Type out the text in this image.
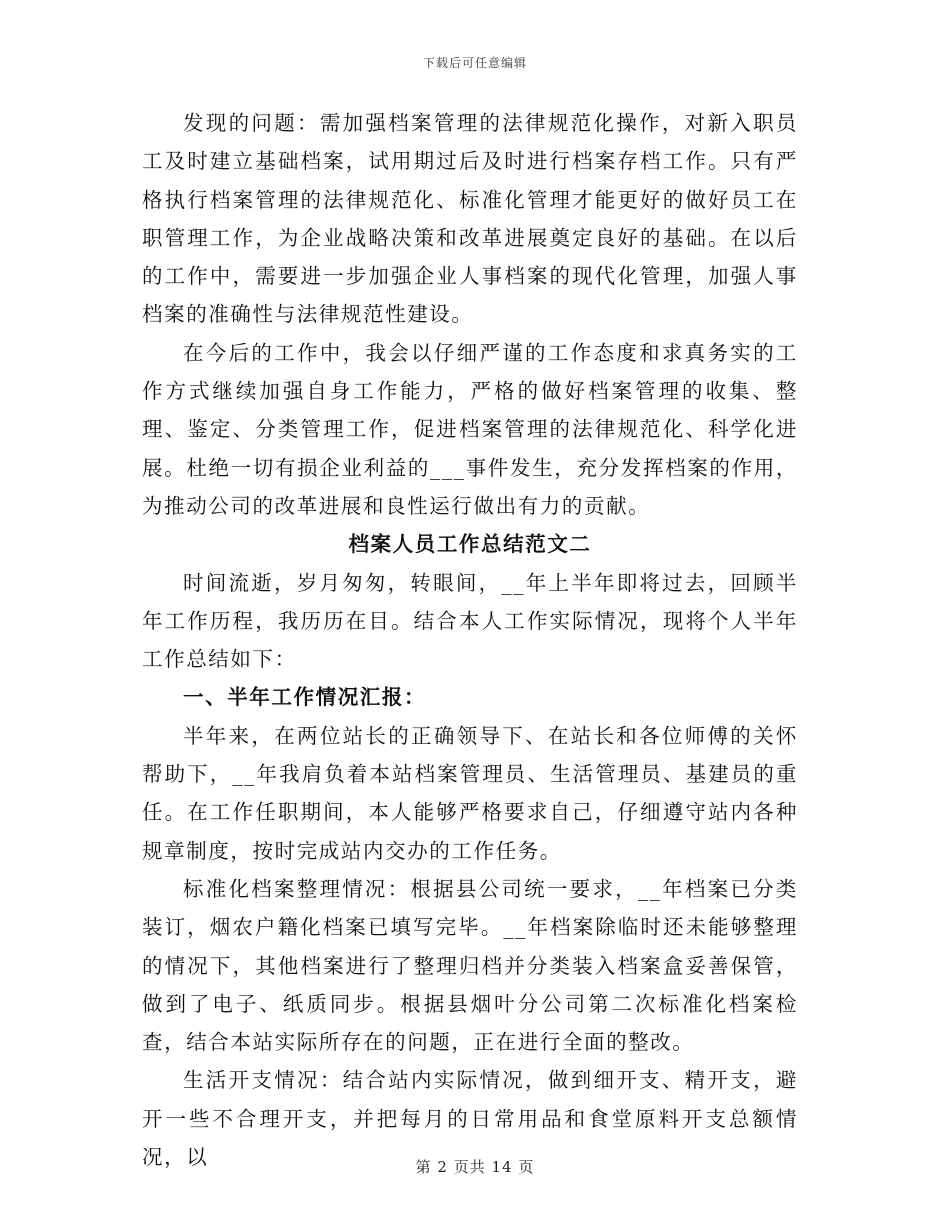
下载后可任意编辑

发现的问题：需加强档案管理的法律规范化操作，对新入职员工及时建立基础档案，试用期过后及时进行档案存档工作。只有严格执行档案管理的法律规范化、标准化管理才能更好的做好员工在职管理工作，为企业战略决策和改革进展奠定良好的基础。在以后的工作中，需要进一步加强企业人事档案的现代化管理，加强人事档案的准确性与法律规范性建设。

在今后的工作中，我会以仔细严谨的工作态度和求真务实的工作方式继续加强自身工作能力，严格的做好档案管理的收集、整理、鉴定、分类管理工作，促进档案管理的法律规范化、科学化进展。杜绝一切有损企业利益的___事件发生，充分发挥档案的作用，为推动公司的改革进展和良性运行做出有力的贡献。

档案人员工作总结范文二

时间流逝，岁月匆匆，转眼间，__年上半年即将过去，回顾半年工作历程，我历历在目。结合本人工作实际情况，现将个人半年工作总结如下：

一、半年工作情况汇报：

半年来，在两位站长的正确领导下、在站长和各位师傅的关怀帮助下，__年我肩负着本站档案管理员、生活管理员、基建员的重任。在工作任职期间，本人能够严格要求自己，仔细遵守站内各种规章制度，按时完成站内交办的工作任务。

标准化档案整理情况：根据县公司统一要求，__年档案已分类装订，烟农户籍化档案已填写完毕。__年档案除临时还未能够整理的情况下，其他档案进行了整理归档并分类装入档案盒妥善保管，做到了电子、纸质同步。根据县烟叶分公司第二次标准化档案检查，结合本站实际所存在的问题，正在进行全面的整改。

生活开支情况：结合站内实际情况，做到细开支、精开支，避开一些不合理开支，并把每月的日常用品和食堂原料开支总额情况，以	第 2 页共 14 页
